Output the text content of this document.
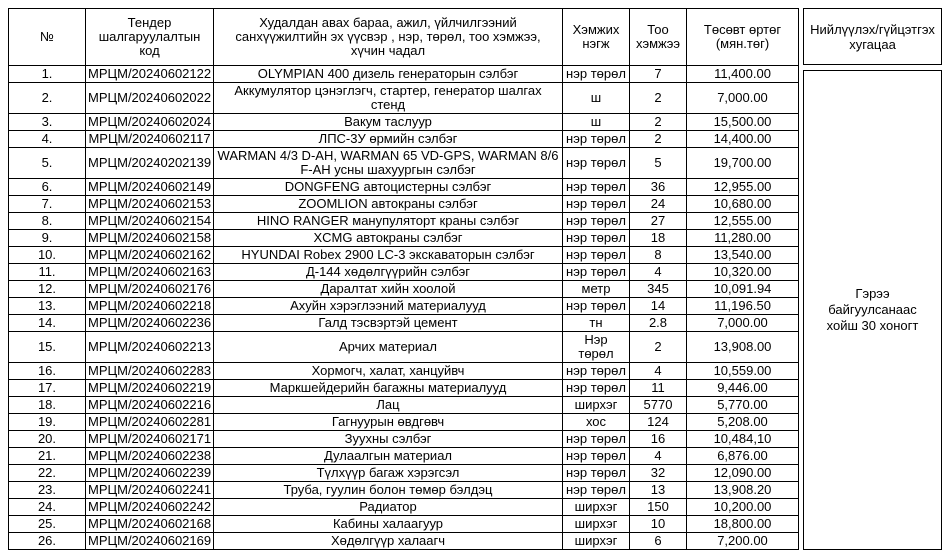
№	Тендер шалгаруулалтын код	Худалдан авах бараа, ажил, үйлчилгээний санхүүжилтийн эх үүсвэр , нэр, төрөл, тоо хэмжээ, хүчин чадал	Хэмжих нэгж	Тоо хэмжээ	Төсөвт өртөг (мян.төг)
1.	МРЦМ/20240602122	OLYMPIAN 400 дизель генераторын сэлбэг	нэр төрөл	7	11,400.00
2.	МРЦМ/20240602022	Аккумулятор цэнэглэгч, стартер, генератор шалгах стенд	ш	2	7,000.00
3.	МРЦМ/20240602024	Вакум таслуур	ш	2	15,500.00
4.	МРЦМ/20240602117	ЛПС-3У өрмийн сэлбэг	нэр төрөл	2	14,400.00
5.	МРЦМ/20240202139	WARMAN 4/3 D-AH, WARMAN 65 VD-GPS, WARMAN 8/6 F-AH усны шахуургын сэлбэг	нэр төрөл	5	19,700.00
6.	МРЦМ/20240602149	DONGFENG автоцистерны сэлбэг	нэр төрөл	36	12,955.00
7.	МРЦМ/20240602153	ZOOMLION автокраны сэлбэг	нэр төрөл	24	10,680.00
8.	МРЦМ/20240602154	HINO RANGER манупуляторт краны сэлбэг	нэр төрөл	27	12,555.00
9.	МРЦМ/20240602158	XCMG автокраны сэлбэг	нэр төрөл	18	11,280.00
10.	МРЦМ/20240602162	HYUNDAI Robex 2900 LC-3 экскаваторын сэлбэг	нэр төрөл	8	13,540.00
11.	МРЦМ/20240602163	Д-144 хөдөлгүүрийн сэлбэг	нэр төрөл	4	10,320.00
12.	МРЦМ/20240602176	Даралтат хийн хоолой	метр	345	10,091.94
13.	МРЦМ/20240602218	Ахуйн хэрэглээний материалууд	нэр төрөл	14	11,196.50
14.	МРЦМ/20240602236	Галд тэсвэртэй цемент	тн	2.8	7,000.00
15.	МРЦМ/20240602213	Арчих материал	Нэр төрөл	2	13,908.00
16.	МРЦМ/20240602283	Хормогч, халат, ханцуйвч	нэр төрөл	4	10,559.00
17.	МРЦМ/20240602219	Маркшейдерийн багажны материалууд	нэр төрөл	11	9,446.00
18.	МРЦМ/20240602216	Лац	ширхэг	5770	5,770.00
19.	МРЦМ/20240602281	Гагнуурын өвдгөвч	хос	124	5,208.00
20.	МРЦМ/20240602171	Зуухны сэлбэг	нэр төрөл	16	10,484,10
21.	МРЦМ/20240602238	Дулаалгын материал	нэр төрөл	4	6,876.00
22.	МРЦМ/20240602239	Түлхүүр багаж хэрэгсэл	нэр төрөл	32	12,090.00
23.	МРЦМ/20240602241	Труба, гуулин болон төмөр бэлдэц	нэр төрөл	13	13,908.20
24.	МРЦМ/20240602242	Радиатор	ширхэг	150	10,200.00
25.	МРЦМ/20240602168	Кабины халаагуур	ширхэг	10	18,800.00
26.	МРЦМ/20240602169	Хөдөлгүүр халаагч	ширхэг	6	7,200.00
Нийлүүлэх/гүйцэтгэх хугацаа
Гэрээ байгуулсанаас хойш 30 хоногт
